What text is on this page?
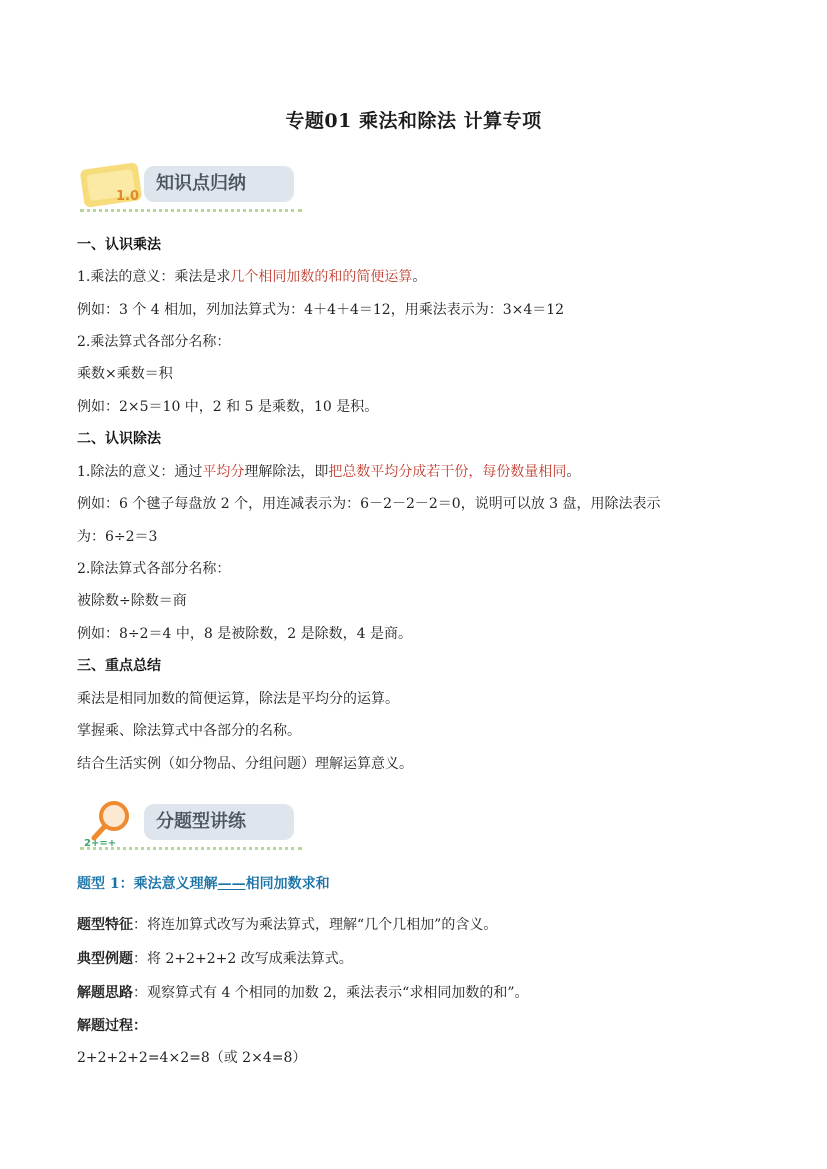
专题01 乘法和除法 计算专项
1.0
知识点归纳
一、认识乘法
1.乘法的意义：乘法是求几个相同加数的和的简便运算。
例如：3 个 4 相加，列加法算式为：4＋4＋4＝12，用乘法表示为：3×4＝12
2.乘法算式各部分名称：
乘数×乘数＝积
例如：2×5＝10 中，2 和 5 是乘数，10 是积。
二、认识除法
1.除法的意义：通过平均分理解除法，即把总数平均分成若干份，每份数量相同。
例如：6 个毽子每盘放 2 个，用连减表示为：6－2－2－2＝0，说明可以放 3 盘，用除法表示
为：6÷2＝3
2.除法算式各部分名称：
被除数÷除数＝商
例如：8÷2＝4 中，8 是被除数，2 是除数，4 是商。
三、重点总结
乘法是相同加数的简便运算，除法是平均分的运算。
掌握乘、除法算式中各部分的名称。
结合生活实例（如分物品、分组问题）理解运算意义。
2+=+
分题型讲练
题型 1：乘法意义理解——相同加数求和
题型特征：将连加算式改写为乘法算式，理解“几个几相加”的含义。
典型例题：将 2+2+2+2 改写成乘法算式。
解题思路：观察算式有 4 个相同的加数 2，乘法表示“求相同加数的和”。
解题过程：
2+2+2+2=4×2=8（或 2×4=8）
